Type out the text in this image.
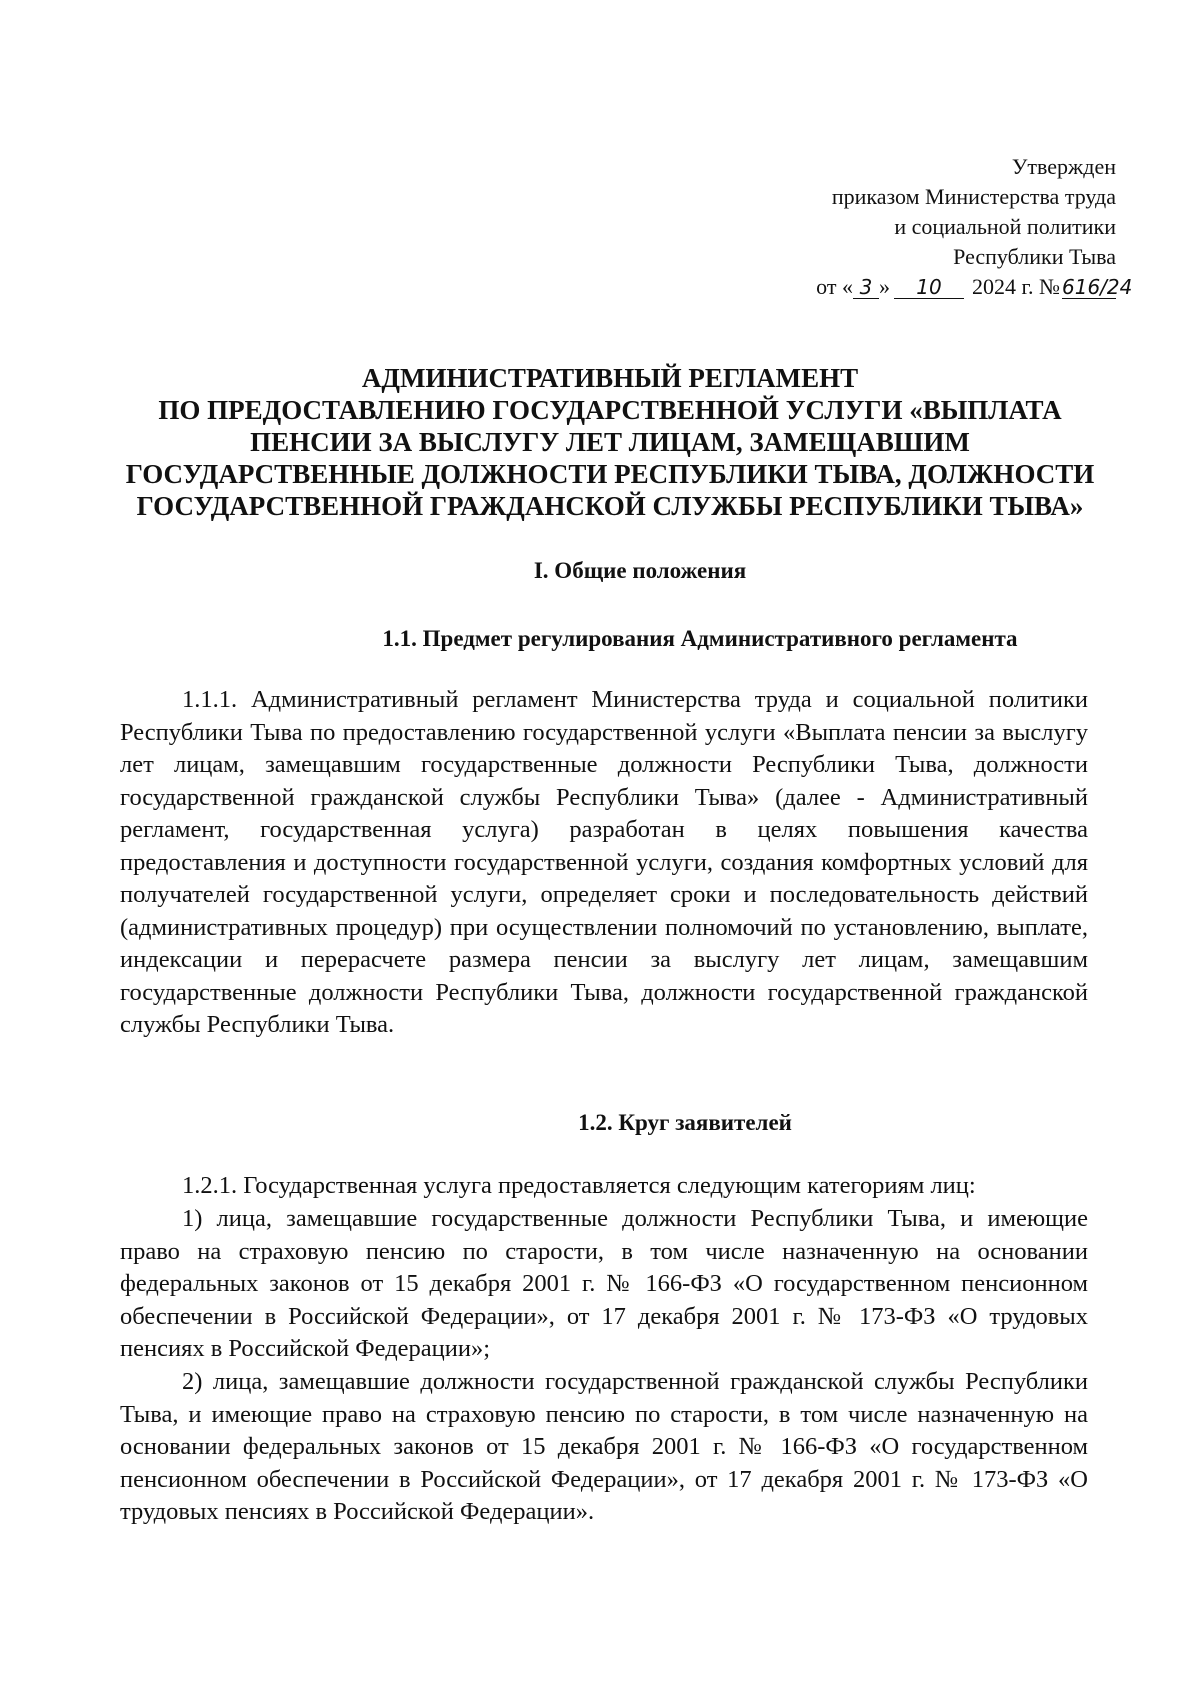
Утвержден
приказом Министерства труда
и социальной политики
Республики Тыва
от « 3 » 10 2024 г. № 616/24
АДМИНИСТРАТИВНЫЙ РЕГЛАМЕНТ
ПО ПРЕДОСТАВЛЕНИЮ ГОСУДАРСТВЕННОЙ УСЛУГИ «ВЫПЛАТА
ПЕНСИИ ЗА ВЫСЛУГУ ЛЕТ ЛИЦАМ, ЗАМЕЩАВШИМ
ГОСУДАРСТВЕННЫЕ ДОЛЖНОСТИ РЕСПУБЛИКИ ТЫВА, ДОЛЖНОСТИ
ГОСУДАРСТВЕННОЙ ГРАЖДАНСКОЙ СЛУЖБЫ РЕСПУБЛИКИ ТЫВА»
I. Общие положения
1.1. Предмет регулирования Административного регламента
1.1.1. Административный регламент Министерства труда и социальной политики Республики Тыва по предоставлению государственной услуги «Выплата пенсии за выслугу лет лицам, замещавшим государственные должности Республики Тыва, должности государственной гражданской службы Республики Тыва» (далее - Административный регламент, государственная услуга) разработан в целях повышения качества предоставления и доступности государственной услуги, создания комфортных условий для получателей государственной услуги, определяет сроки и последовательность действий (административных процедур) при осуществлении полномочий по установлению, выплате, индексации и перерасчете размера пенсии за выслугу лет лицам, замещавшим государственные должности Республики Тыва, должности государственной гражданской службы Республики Тыва.
1.2. Круг заявителей
1.2.1. Государственная услуга предоставляется следующим категориям лиц:
1) лица, замещавшие государственные должности Республики Тыва, и имеющие право на страховую пенсию по старости, в том числе назначенную на основании федеральных законов от 15 декабря 2001 г. № 166-ФЗ «О государственном пенсионном обеспечении в Российской Федерации», от 17 декабря 2001 г. № 173-ФЗ «О трудовых пенсиях в Российской Федерации»;
2) лица, замещавшие должности государственной гражданской службы Республики Тыва, и имеющие право на страховую пенсию по старости, в том числе назначенную на основании федеральных законов от 15 декабря 2001 г. № 166-ФЗ «О государственном пенсионном обеспечении в Российской Федерации», от 17 декабря 2001 г. № 173-ФЗ «О трудовых пенсиях в Российской Федерации».
